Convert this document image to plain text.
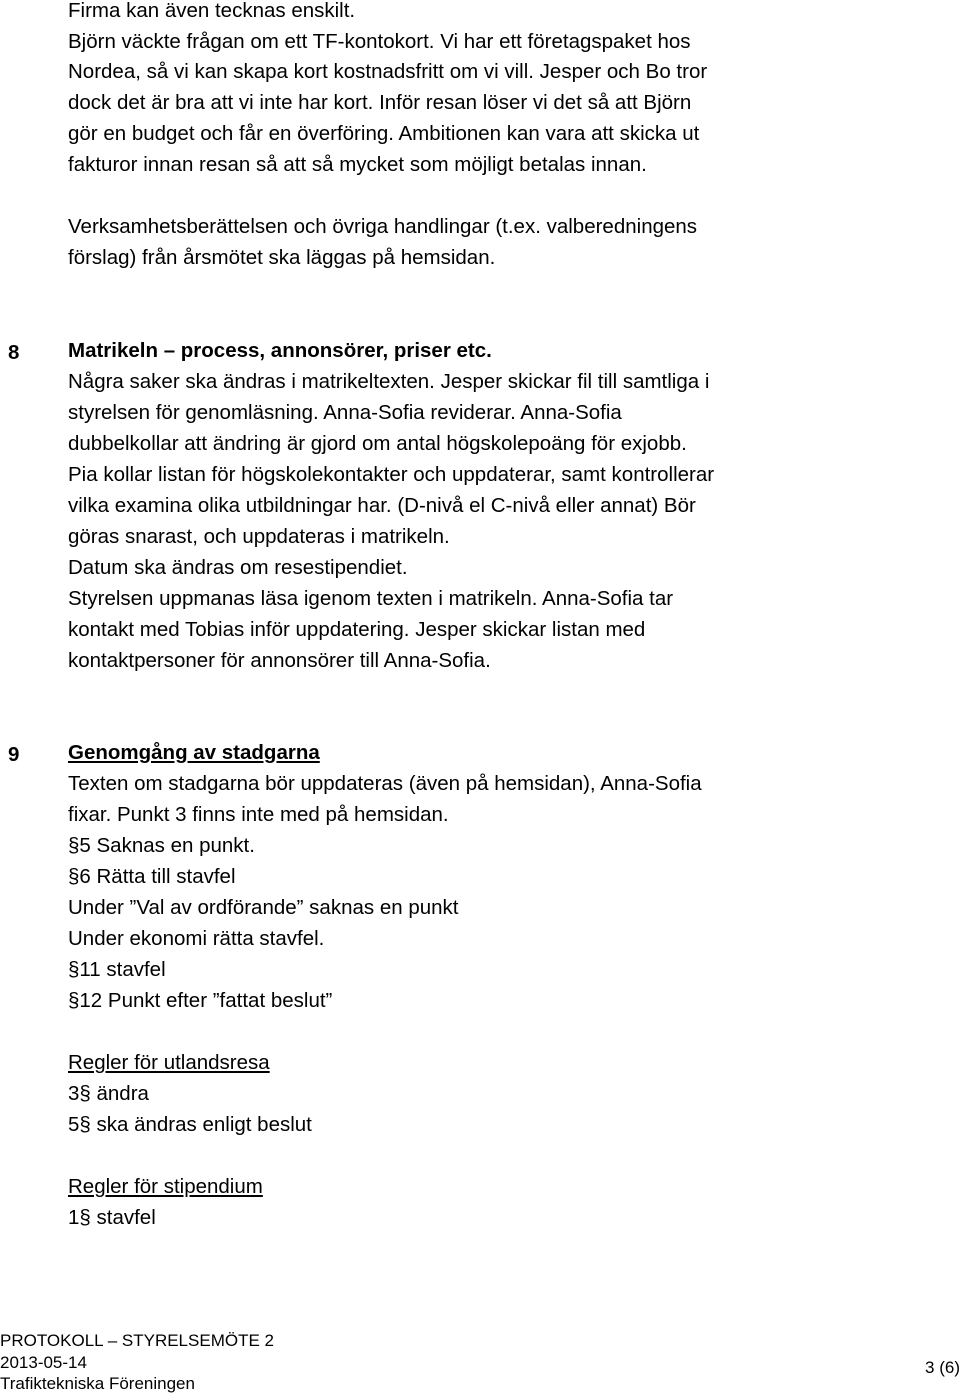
Firma kan även tecknas enskilt.
Björn väckte frågan om ett TF-kontokort. Vi har ett företagspaket hos
Nordea, så vi kan skapa kort kostnadsfritt om vi vill. Jesper och Bo tror
dock det är bra att vi inte har kort. Inför resan löser vi det så att Björn
gör en budget och får en överföring. Ambitionen kan vara att skicka ut
fakturor innan resan så att så mycket som möjligt betalas innan.
Verksamhetsberättelsen och övriga handlingar (t.ex. valberedningens
förslag) från årsmötet ska läggas på hemsidan.
8 Matrikeln – process, annonsörer, priser etc.
Några saker ska ändras i matrikeltexten. Jesper skickar fil till samtliga i
styrelsen för genomläsning. Anna-Sofia reviderar. Anna-Sofia
dubbelkollar att ändring är gjord om antal högskolepoäng för exjobb.
Pia kollar listan för högskolekontakter och uppdaterar, samt kontrollerar
vilka examina olika utbildningar har. (D-nivå el C-nivå eller annat) Bör
göras snarast, och uppdateras i matrikeln.
Datum ska ändras om resestipendiet.
Styrelsen uppmanas läsa igenom texten i matrikeln. Anna-Sofia tar
kontakt med Tobias inför uppdatering. Jesper skickar listan med
kontaktpersoner för annonsörer till Anna-Sofia.
9 Genomgång av stadgarna
Texten om stadgarna bör uppdateras (även på hemsidan), Anna-Sofia
fixar. Punkt 3 finns inte med på hemsidan.
§5 Saknas en punkt.
§6 Rätta till stavfel
Under ”Val av ordförande” saknas en punkt
Under ekonomi rätta stavfel.
§11 stavfel
§12 Punkt efter ”fattat beslut”
Regler för utlandsresa
3§ ändra
5§ ska ändras enligt beslut
Regler för stipendium
1§ stavfel
PROTOKOLL – STYRELSEMÖTE 2
2013-05-14
Trafiktekniska Föreningen
3 (6)
